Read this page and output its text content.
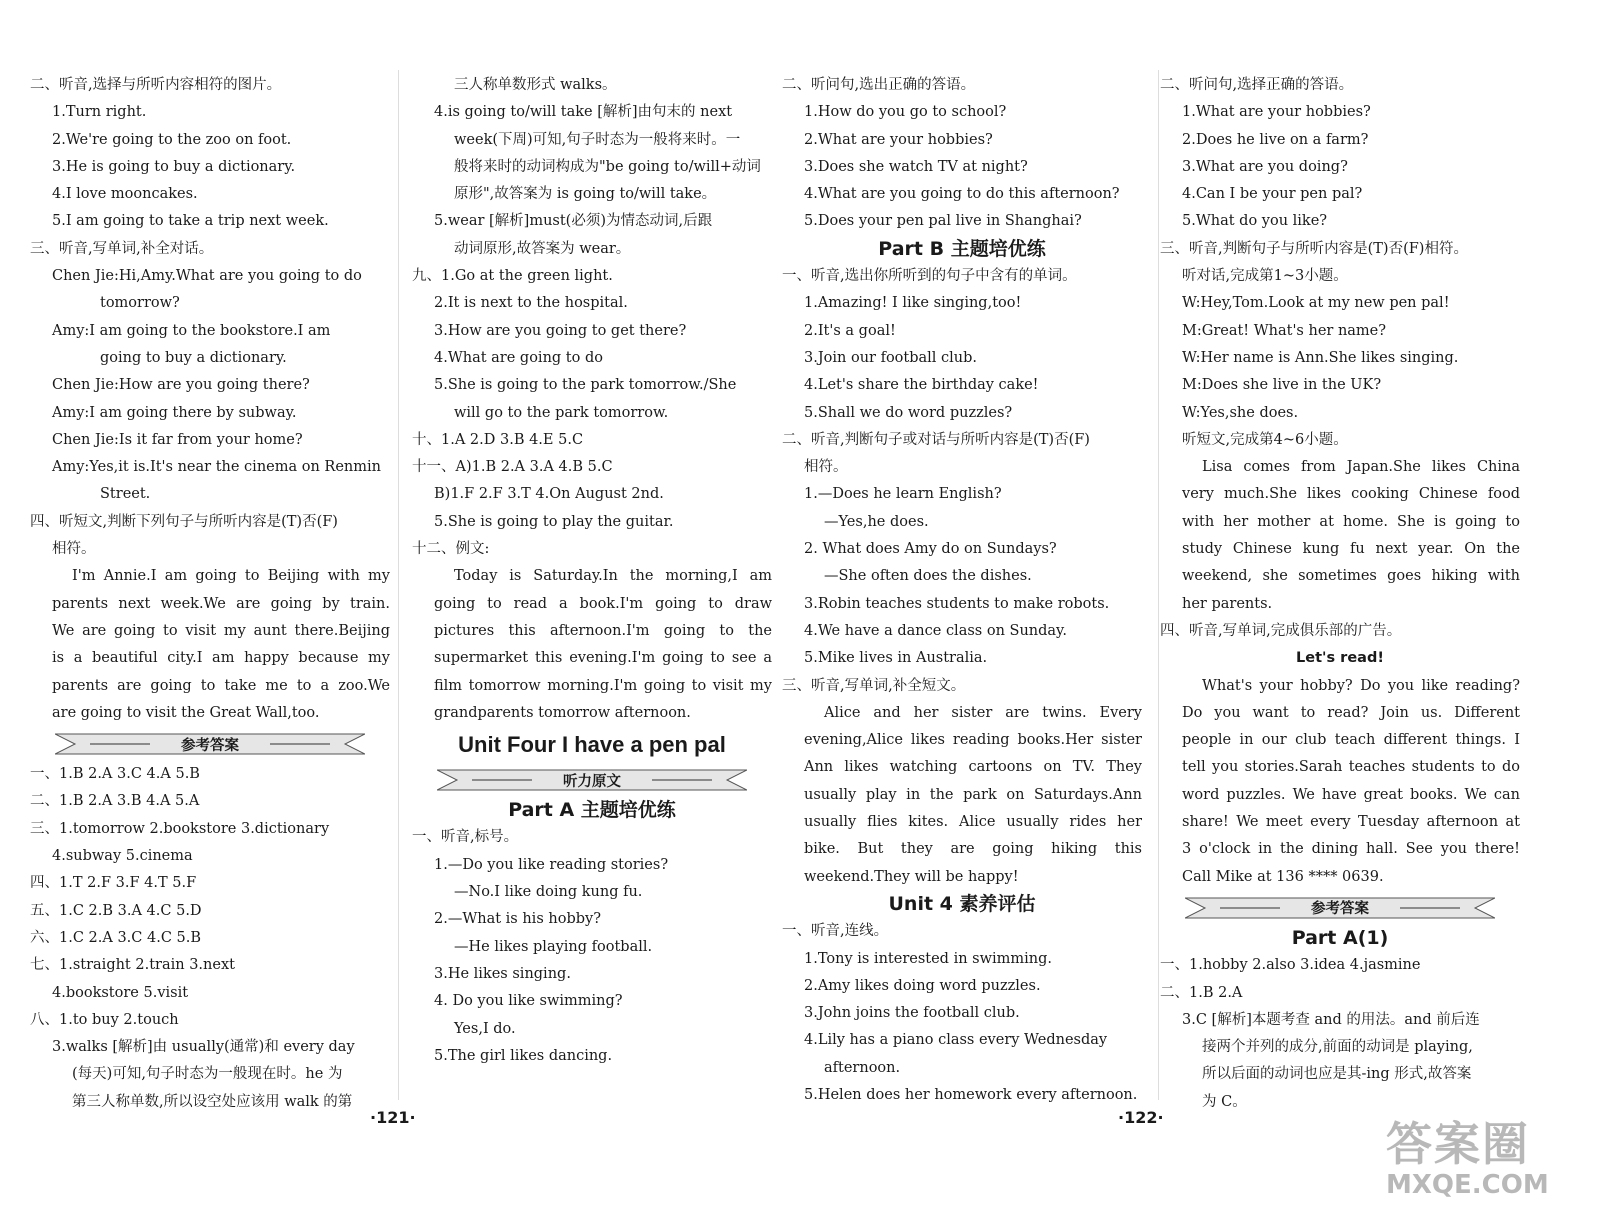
二、听音,选择与所听内容相符的图片。
1.Turn right.
2.We're going to the zoo on foot.
3.He is going to buy a dictionary.
4.I love mooncakes.
5.I am going to take a trip next week.
三、听音,写单词,补全对话。
Chen Jie:Hi,Amy.What are you going to do
tomorrow?
Amy:I am going to the bookstore.I am
going to buy a dictionary.
Chen Jie:How are you going there?
Amy:I am going there by subway.
Chen Jie:Is it far from your home?
Amy:Yes,it is.It's near the cinema on Renmin
Street.
四、听短文,判断下列句子与所听内容是(T)否(F)
相符。
I'm Annie.I am going to Beijing with my
parents next week.We are going by train.
We are going to visit my aunt there.Beijing
is a beautiful city.I am happy because my
parents are going to take me to a zoo.We
are going to visit the Great Wall,too.
参考答案
一、1.B 2.A 3.C 4.A 5.B
二、1.B 2.A 3.B 4.A 5.A
三、1.tomorrow 2.bookstore 3.dictionary
4.subway 5.cinema
四、1.T 2.F 3.F 4.T 5.F
五、1.C 2.B 3.A 4.C 5.D
六、1.C 2.A 3.C 4.C 5.B
七、1.straight 2.train 3.next
4.bookstore 5.visit
八、1.to buy 2.touch
3.walks [解析]由 usually(通常)和 every day
(每天)可知,句子时态为一般现在时。he 为
第三人称单数,所以设空处应该用 walk 的第
三人称单数形式 walks。
4.is going to/will take [解析]由句末的 next
week(下周)可知,句子时态为一般将来时。一
般将来时的动词构成为"be going to/will+动词
原形",故答案为 is going to/will take。
5.wear [解析]must(必须)为情态动词,后跟
动词原形,故答案为 wear。
九、1.Go at the green light.
2.It is next to the hospital.
3.How are you going to get there?
4.What are going to do
5.She is going to the park tomorrow./She
will go to the park tomorrow.
十、1.A 2.D 3.B 4.E 5.C
十一、A)1.B 2.A 3.A 4.B 5.C
B)1.F 2.F 3.T 4.On August 2nd.
5.She is going to play the guitar.
十二、例文:
Today is Saturday.In the morning,I am
going to read a book.I'm going to draw
pictures this afternoon.I'm going to the
supermarket this evening.I'm going to see a
film tomorrow morning.I'm going to visit my
grandparents tomorrow afternoon.
Unit Four I have a pen pal
听力原文
Part A 主题培优练
一、听音,标号。
1.—Do you like reading stories?
—No.I like doing kung fu.
2.—What is his hobby?
—He likes playing football.
3.He likes singing.
4. Do you like swimming?
Yes,I do.
5.The girl likes dancing.
二、听问句,选出正确的答语。
1.How do you go to school?
2.What are your hobbies?
3.Does she watch TV at night?
4.What are you going to do this afternoon?
5.Does your pen pal live in Shanghai?
Part B 主题培优练
一、听音,选出你所听到的句子中含有的单词。
1.Amazing! I like singing,too!
2.It's a goal!
3.Join our football club.
4.Let's share the birthday cake!
5.Shall we do word puzzles?
二、听音,判断句子或对话与所听内容是(T)否(F)
相符。
1.—Does he learn English?
—Yes,he does.
2. What does Amy do on Sundays?
—She often does the dishes.
3.Robin teaches students to make robots.
4.We have a dance class on Sunday.
5.Mike lives in Australia.
三、听音,写单词,补全短文。
Alice and her sister are twins. Every
evening,Alice likes reading books.Her sister
Ann likes watching cartoons on TV. They
usually play in the park on Saturdays.Ann
usually flies kites. Alice usually rides her
bike. But they are going hiking this
weekend.They will be happy!
Unit 4 素养评估
一、听音,连线。
1.Tony is interested in swimming.
2.Amy likes doing word puzzles.
3.John joins the football club.
4.Lily has a piano class every Wednesday
afternoon.
5.Helen does her homework every afternoon.
二、听问句,选择正确的答语。
1.What are your hobbies?
2.Does he live on a farm?
3.What are you doing?
4.Can I be your pen pal?
5.What do you like?
三、听音,判断句子与所听内容是(T)否(F)相符。
听对话,完成第1~3小题。
W:Hey,Tom.Look at my new pen pal!
M:Great! What's her name?
W:Her name is Ann.She likes singing.
M:Does she live in the UK?
W:Yes,she does.
听短文,完成第4~6小题。
Lisa comes from Japan.She likes China
very much.She likes cooking Chinese food
with her mother at home. She is going to
study Chinese kung fu next year. On the
weekend, she sometimes goes hiking with
her parents.
四、听音,写单词,完成俱乐部的广告。
Let's read!
What's your hobby? Do you like reading?
Do you want to read? Join us. Different
people in our club teach different things. I
tell you stories.Sarah teaches students to do
word puzzles. We have great books. We can
share! We meet every Tuesday afternoon at
3 o'clock in the dining hall. See you there!
Call Mike at 136 **** 0639.
参考答案
Part A(1)
一、1.hobby 2.also 3.idea 4.jasmine
二、1.B 2.A
3.C [解析]本题考查 and 的用法。and 前后连
接两个并列的成分,前面的动词是 playing,
所以后面的动词也应是其-ing 形式,故答案
为 C。
·121·	·122·	答案圈
MXQE.COM
